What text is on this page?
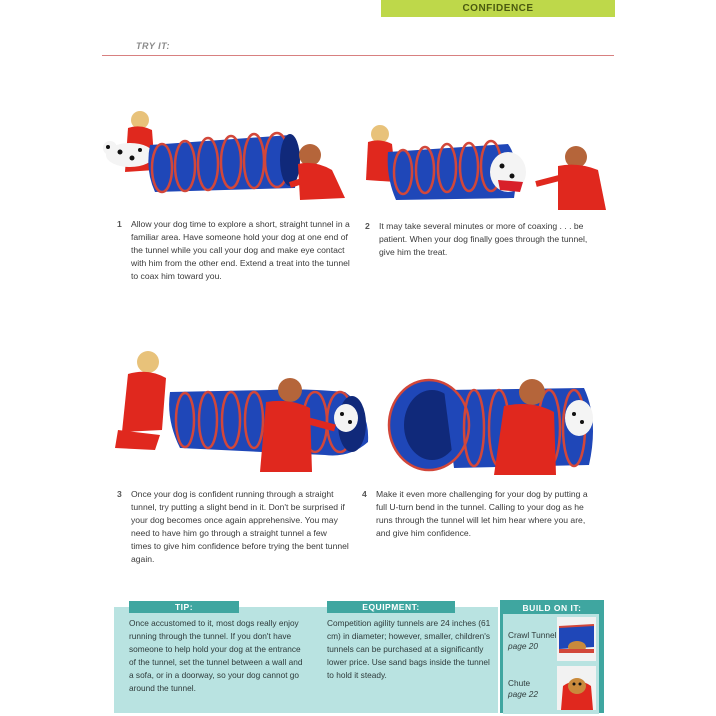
CONFIDENCE
TRY IT:
1 Allow your dog time to explore a short, straight tunnel in a familiar area. Have someone hold your dog at one end of the tunnel while you call your dog and make eye contact with him from the other end. Extend a treat into the tunnel to coax him toward you.
2 It may take several minutes or more of coaxing . . . be patient. When your dog finally goes through the tunnel, give him the treat.
3 Once your dog is confident running through a straight tunnel, try putting a slight bend in it. Don't be surprised if your dog becomes once again apprehensive. You may need to have him go through a straight tunnel a few times to give him confidence before trying the bent tunnel again.
4 Make it even more challenging for your dog by putting a full U-turn bend in the tunnel. Calling to your dog as he runs through the tunnel will let him hear where you are, and give him confidence.
TIP:
Once accustomed to it, most dogs really enjoy running through the tunnel. If you don't have someone to help hold your dog at the entrance of the tunnel, set the tunnel between a wall and a sofa, or in a doorway, so your dog cannot go around the tunnel.
EQUIPMENT:
Competition agility tunnels are 24 inches (61 cm) in diameter; however, smaller, children's tunnels can be purchased at a significantly lower price. Use sand bags inside the tunnel to hold it steady.
BUILD ON IT:
Crawl Tunnel
page 20
Chute
page 22
